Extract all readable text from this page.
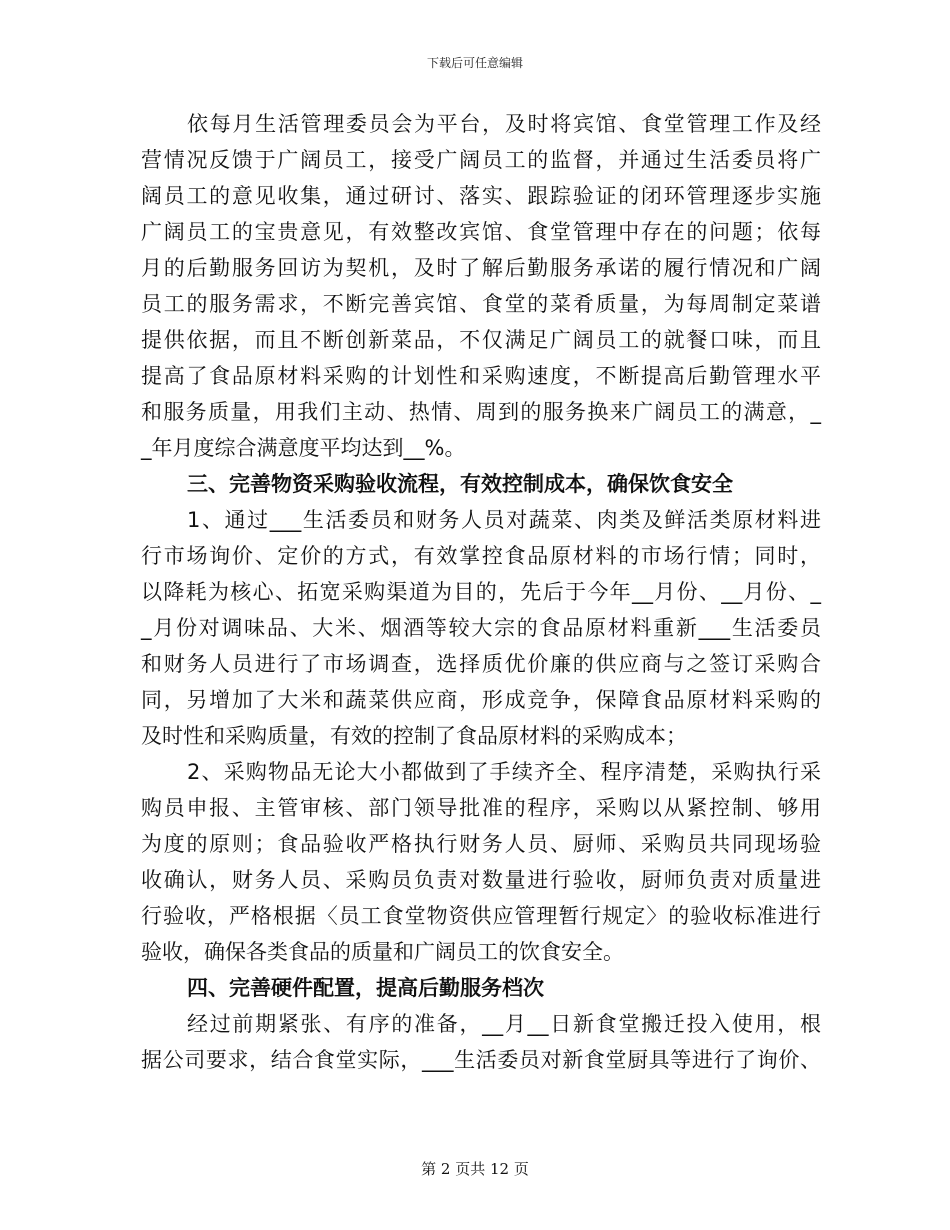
下载后可任意编辑
依每月生活管理委员会为平台，及时将宾馆、食堂管理工作及经
营情况反馈于广阔员工，接受广阔员工的监督，并通过生活委员将广
阔员工的意见收集，通过研讨、落实、跟踪验证的闭环管理逐步实施
广阔员工的宝贵意见，有效整改宾馆、食堂管理中存在的问题；依每
月的后勤服务回访为契机，及时了解后勤服务承诺的履行情况和广阔
员工的服务需求，不断完善宾馆、食堂的菜肴质量，为每周制定菜谱
提供依据，而且不断创新菜品，不仅满足广阔员工的就餐口味，而且
提高了食品原材料采购的计划性和采购速度，不断提高后勤管理水平
和服务质量，用我们主动、热情、周到的服务换来广阔员工的满意，_
_年月度综合满意度平均达到__%。
三、完善物资采购验收流程，有效控制成本，确保饮食安全
1、通过___生活委员和财务人员对蔬菜、肉类及鲜活类原材料进
行市场询价、定价的方式，有效掌控食品原材料的市场行情；同时，
以降耗为核心、拓宽采购渠道为目的，先后于今年__月份、__月份、_
_月份对调味品、大米、烟酒等较大宗的食品原材料重新___生活委员
和财务人员进行了市场调查，选择质优价廉的供应商与之签订采购合
同，另增加了大米和蔬菜供应商，形成竞争，保障食品原材料采购的
及时性和采购质量，有效的控制了食品原材料的采购成本；
2、采购物品无论大小都做到了手续齐全、程序清楚，采购执行采
购员申报、主管审核、部门领导批准的程序，采购以从紧控制、够用
为度的原则；食品验收严格执行财务人员、厨师、采购员共同现场验
收确认，财务人员、采购员负责对数量进行验收，厨师负责对质量进
行验收，严格根据〈员工食堂物资供应管理暂行规定〉的验收标准进行
验收，确保各类食品的质量和广阔员工的饮食安全。
四、完善硬件配置，提高后勤服务档次
经过前期紧张、有序的准备，__月__日新食堂搬迁投入使用，根
据公司要求，结合食堂实际，___生活委员对新食堂厨具等进行了询价、
第 2 页共 12 页
